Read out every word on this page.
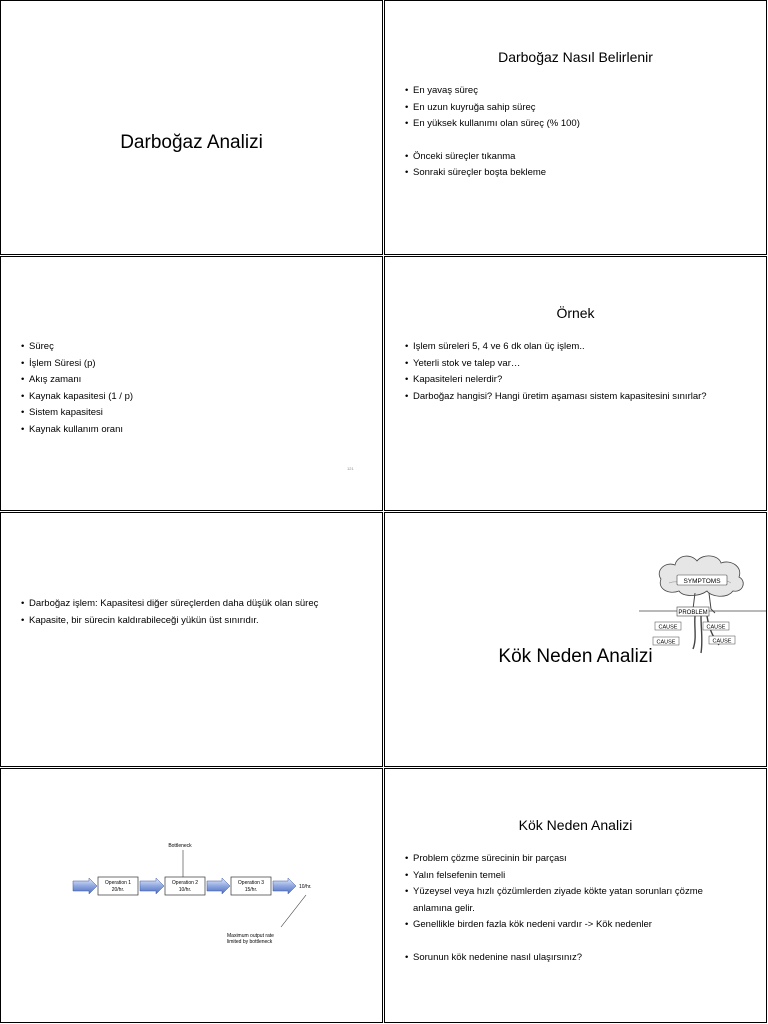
Darboğaz Analizi
Darboğaz Nasıl Belirlenir
• En yavaş süreç
• En uzun kuyruğa sahip süreç
• En yüksek kullanımı olan süreç (% 100)
• Önceki süreçler tıkanma
• Sonraki süreçler boşta bekleme
• Süreç
• İşlem Süresi (p)
• Akış zamanı
• Kaynak kapasitesi (1 / p)
• Sistem kapasitesi
• Kaynak kullanım oranı
121
Örnek
• Işlem süreleri 5, 4 ve 6 dk olan üç işlem..
• Yeterli stok ve talep var…
• Kapasiteleri nelerdir?
• Darboğaz hangisi? Hangi üretim aşaması sistem kapasitesini sınırlar?
• Darboğaz işlem: Kapasitesi diğer süreçlerden daha düşük olan süreç
• Kapasite, bir sürecin kaldırabileceği yükün üst sınırıdır.
SYMPTOMS
PROBLEM
CAUSE	CAUSE
CAUSE	CAUSE
Kök Neden Analizi
Bottleneck
Operation 1
20/hr.
Operation 2
10/hr.
Operation 3
15/hr.	10/hr.
Maximum output rate
limited by bottleneck
Kök Neden Analizi
• Problem çözme sürecinin bir parçası
• Yalın felsefenin temeli
• Yüzeysel veya hızlı çözümlerden ziyade kökte yatan sorunları çözme
anlamına gelir.
• Genellikle birden fazla kök nedeni vardır -> Kök nedenler
• Sorunun kök nedenine nasıl ulaşırsınız?
